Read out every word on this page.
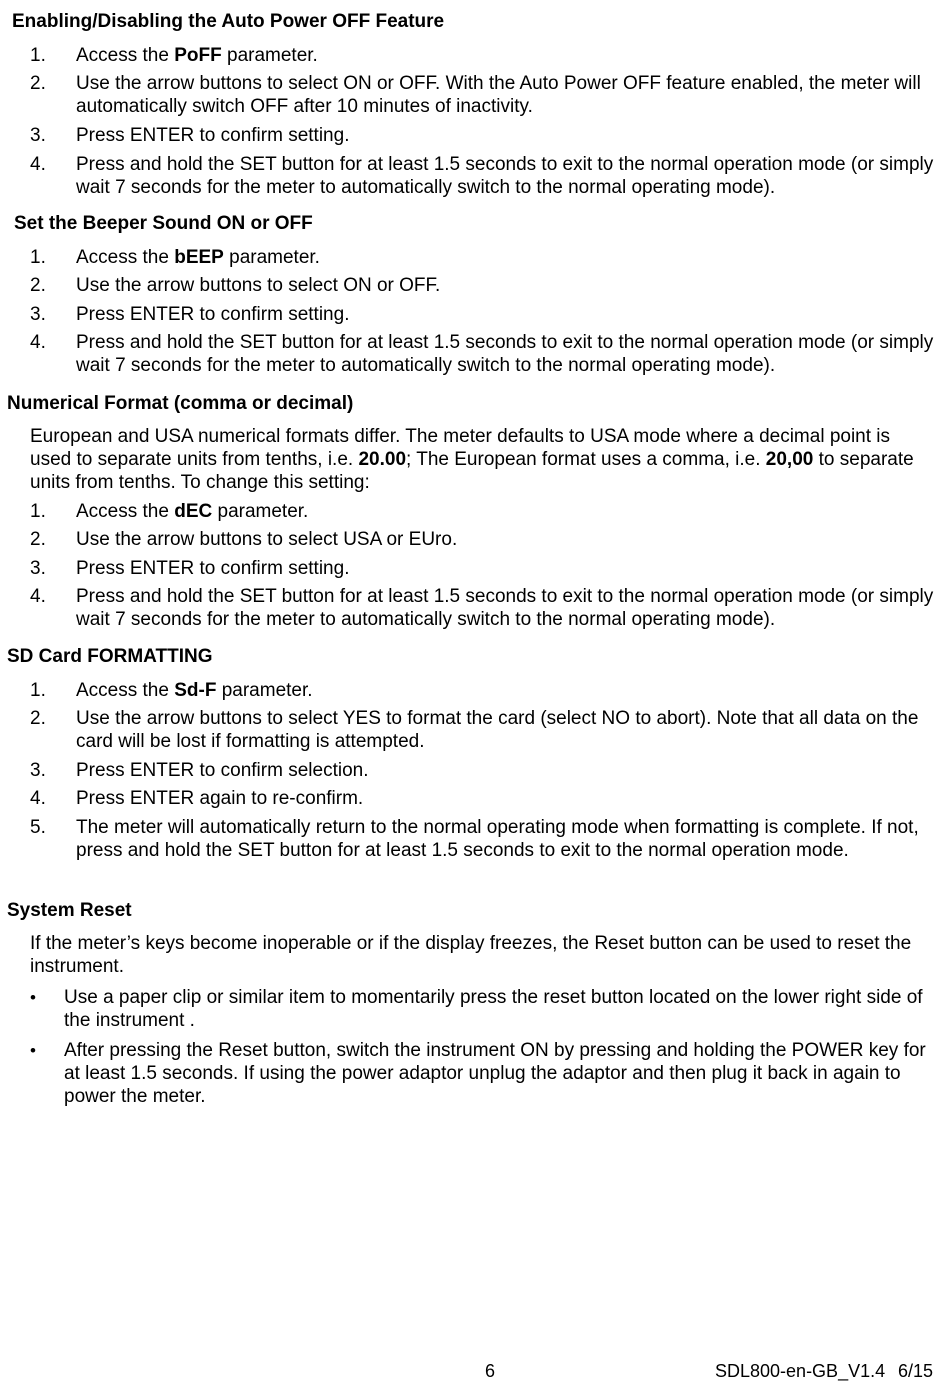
Enabling/Disabling the Auto Power OFF Feature
1. Access the PoFF parameter.
2. Use the arrow buttons to select ON or OFF. With the Auto Power OFF feature enabled, the meter will automatically switch OFF after 10 minutes of inactivity.
3. Press ENTER to confirm setting.
4. Press and hold the SET button for at least 1.5 seconds to exit to the normal operation mode (or simply wait 7 seconds for the meter to automatically switch to the normal operating mode).
Set the Beeper Sound ON or OFF
1. Access the bEEP parameter.
2. Use the arrow buttons to select ON or OFF.
3. Press ENTER to confirm setting.
4. Press and hold the SET button for at least 1.5 seconds to exit to the normal operation mode (or simply wait 7 seconds for the meter to automatically switch to the normal operating mode).
Numerical Format (comma or decimal)
European and USA numerical formats differ. The meter defaults to USA mode where a decimal point is used to separate units from tenths, i.e. 20.00; The European format uses a comma, i.e. 20,00 to separate units from tenths. To change this setting:
1. Access the dEC parameter.
2. Use the arrow buttons to select USA or EUro.
3. Press ENTER to confirm setting.
4. Press and hold the SET button for at least 1.5 seconds to exit to the normal operation mode (or simply wait 7 seconds for the meter to automatically switch to the normal operating mode).
SD Card FORMATTING
1. Access the Sd-F parameter.
2. Use the arrow buttons to select YES to format the card (select NO to abort). Note that all data on the card will be lost if formatting is attempted.
3. Press ENTER to confirm selection.
4. Press ENTER again to re-confirm.
5. The meter will automatically return to the normal operating mode when formatting is complete. If not, press and hold the SET button for at least 1.5 seconds to exit to the normal operation mode.
System Reset
If the meter’s keys become inoperable or if the display freezes, the Reset button can be used to reset the instrument.
• Use a paper clip or similar item to momentarily press the reset button located on the lower right side of the instrument .
• After pressing the Reset button, switch the instrument ON by pressing and holding the POWER key for at least 1.5 seconds. If using the power adaptor unplug the adaptor and then plug it back in again to power the meter.
6	SDL800-en-GB_V1.4 6/15
